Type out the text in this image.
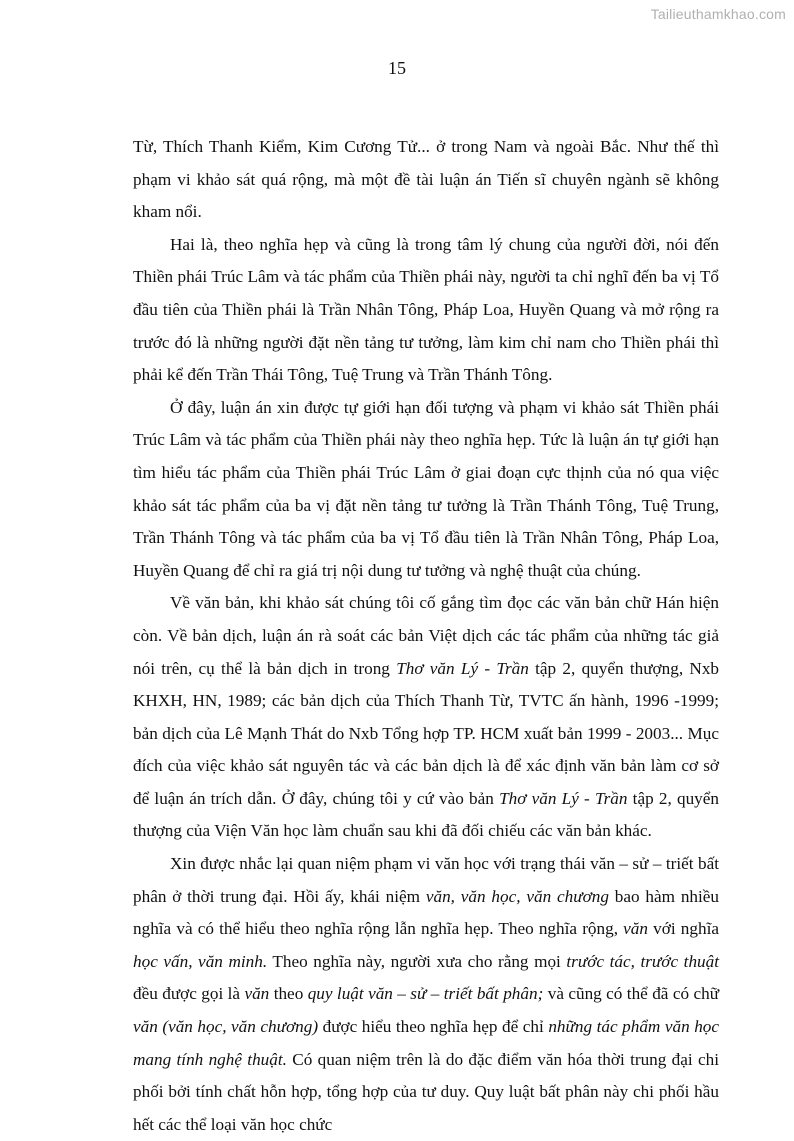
Tailieuthamkhao.com
15

Từ, Thích Thanh Kiểm, Kim Cương Tử... ở trong Nam và ngoài Bắc. Như thế thì phạm vi khảo sát quá rộng, mà một đề tài luận án Tiến sĩ chuyên ngành sẽ không kham nổi.

Hai là, theo nghĩa hẹp và cũng là trong tâm lý chung của người đời, nói đến Thiền phái Trúc Lâm và tác phẩm của Thiền phái này, người ta chỉ nghĩ đến ba vị Tổ đầu tiên của Thiền phái là Trần Nhân Tông, Pháp Loa, Huyền Quang và mở rộng ra trước đó là những người đặt nền tảng tư tưởng, làm kim chỉ nam cho Thiền phái thì phải kể đến Trần Thái Tông, Tuệ Trung và Trần Thánh Tông.

Ở đây, luận án xin được tự giới hạn đối tượng và phạm vi khảo sát Thiền phái Trúc Lâm và tác phẩm của Thiền phái này theo nghĩa hẹp. Tức là luận án tự giới hạn tìm hiểu tác phẩm của Thiền phái Trúc Lâm ở giai đoạn cực thịnh của nó qua việc khảo sát tác phẩm của ba vị đặt nền tảng tư tưởng là Trần Thánh Tông, Tuệ Trung, Trần Thánh Tông và tác phẩm của ba vị Tổ đầu tiên là Trần Nhân Tông, Pháp Loa, Huyền Quang để chỉ ra giá trị nội dung tư tưởng và nghệ thuật của chúng.

Về văn bản, khi khảo sát chúng tôi cố gắng tìm đọc các văn bản chữ Hán hiện còn. Về bản dịch, luận án rà soát các bản Việt dịch các tác phẩm của những tác giả nói trên, cụ thể là bản dịch in trong Thơ văn Lý - Trần tập 2, quyển thượng, Nxb KHXH, HN, 1989; các bản dịch của Thích Thanh Từ, TVTC ấn hành, 1996 -1999; bản dịch của Lê Mạnh Thát do Nxb Tổng hợp TP. HCM xuất bản 1999 - 2003... Mục đích của việc khảo sát nguyên tác và các bản dịch là để xác định văn bản làm cơ sở để luận án trích dẫn. Ở đây, chúng tôi y cứ vào bản Thơ văn Lý - Trần tập 2, quyển thượng của Viện Văn học làm chuẩn sau khi đã đối chiếu các văn bản khác.

Xin được nhắc lại quan niệm phạm vi văn học với trạng thái văn – sử – triết bất phân ở thời trung đại. Hồi ấy, khái niệm văn, văn học, văn chương bao hàm nhiều nghĩa và có thể hiểu theo nghĩa rộng lẫn nghĩa hẹp. Theo nghĩa rộng, văn với nghĩa học vấn, văn minh. Theo nghĩa này, người xưa cho rằng mọi trước tác, trước thuật đều được gọi là văn theo quy luật văn – sử – triết bất phân; và cũng có thể đã có chữ văn (văn học, văn chương) được hiểu theo nghĩa hẹp để chỉ những tác phẩm văn học mang tính nghệ thuật. Có quan niệm trên là do đặc điểm văn hóa thời trung đại chi phối bởi tính chất hỗn hợp, tổng hợp của tư duy. Quy luật bất phân này chi phối hầu hết các thể loại văn học chức
